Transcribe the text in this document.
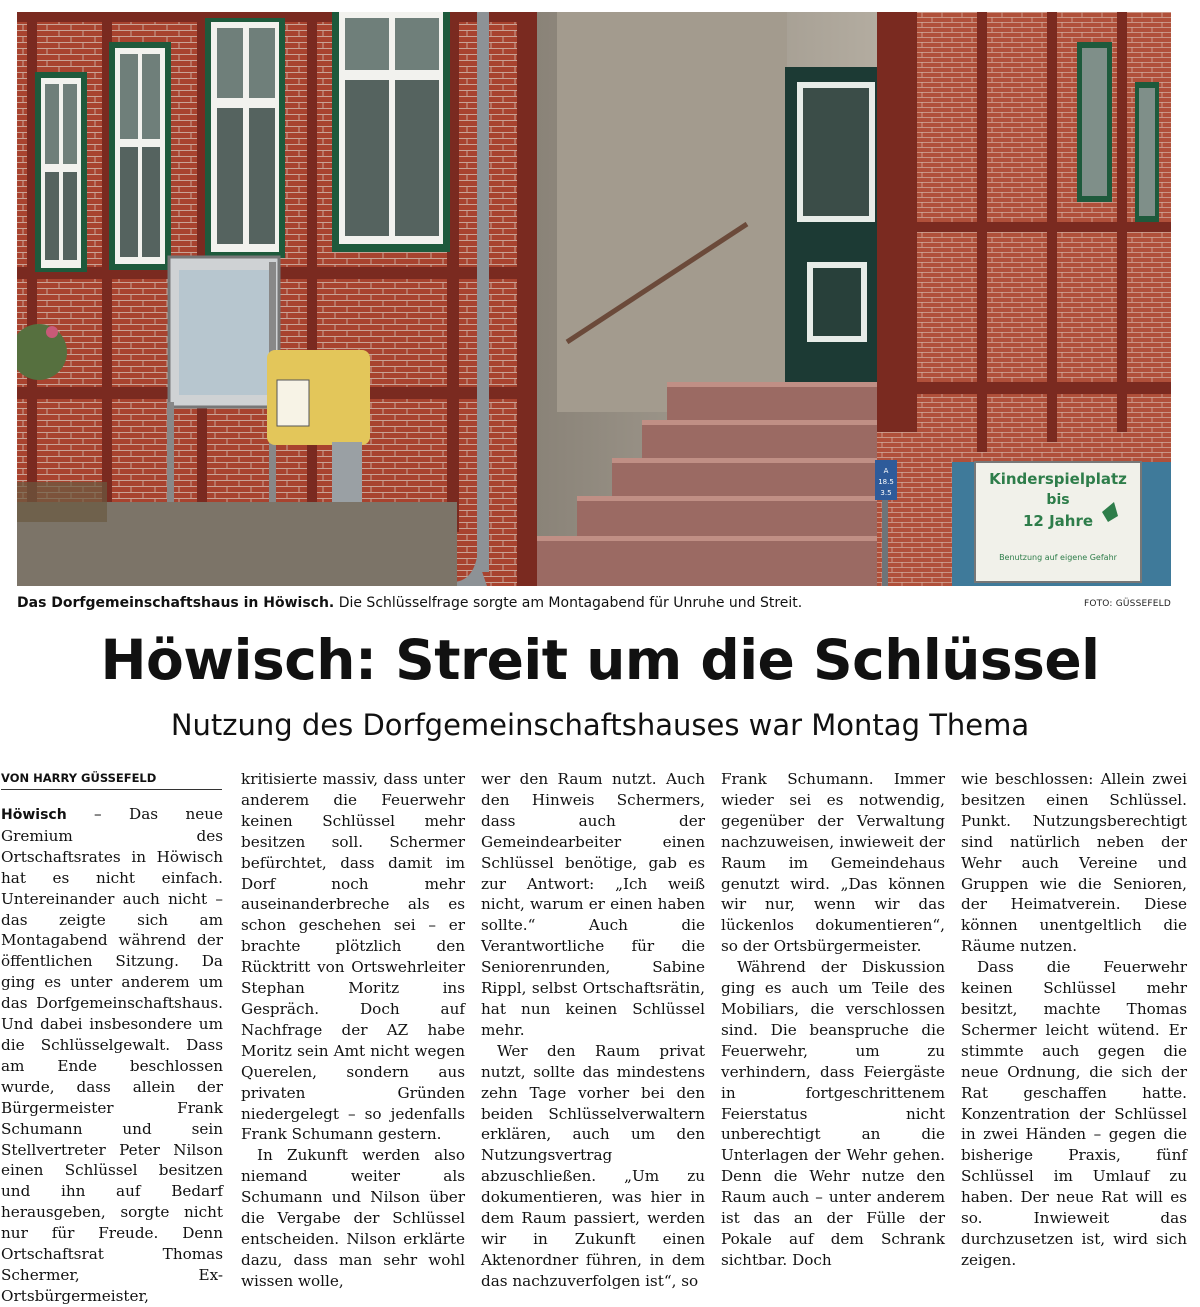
A
18.5
3.5
Kinderspielplatz
bis
12 Jahre
Benutzung auf eigene Gefahr
Das Dorfgemeinschaftshaus in Höwisch. Die Schlüsselfrage sorgte am Montagabend für Unruhe und Streit.	FOTO: GÜSSEFELD
Höwisch: Streit um die Schlüssel
Nutzung des Dorfgemeinschaftshauses war Montag Thema
VON HARRY GÜSSEFELD

Höwisch – Das neue Gremium des Ortschaftsrates in Höwisch hat es nicht einfach. Untereinander auch nicht – das zeigte sich am Montagabend während der öffentlichen Sitzung. Da ging es unter anderem um das Dorfgemeinschaftshaus. Und dabei insbesondere um die Schlüsselgewalt. Dass am Ende beschlossen wurde, dass allein der Bürgermeister Frank Schumann und sein Stellvertreter Peter Nilson einen Schlüssel besitzen und ihn auf Bedarf herausgeben, sorgte nicht nur für Freude. Denn Ortschaftsrat Thomas Schermer, Ex-Ortsbürgermeister,

kritisierte massiv, dass unter anderem die Feuerwehr keinen Schlüssel mehr besitzen soll. Schermer befürchtet, dass damit im Dorf noch mehr auseinanderbreche als es schon geschehen sei – er brachte plötzlich den Rücktritt von Ortswehrleiter Stephan Moritz ins Gespräch. Doch auf Nachfrage der AZ habe Moritz sein Amt nicht wegen Querelen, sondern aus privaten Gründen niedergelegt – so jedenfalls Frank Schumann gestern.

In Zukunft werden also niemand weiter als Schumann und Nilson über die Vergabe der Schlüssel entscheiden. Nilson erklärte dazu, dass man sehr wohl wissen wolle,

wer den Raum nutzt. Auch den Hinweis Schermers, dass auch der Gemeindearbeiter einen Schlüssel benötige, gab es zur Antwort: „Ich weiß nicht, warum er einen haben sollte.“ Auch die Verantwortliche für die Seniorenrunden, Sabine Rippl, selbst Ortschaftsrätin, hat nun keinen Schlüssel mehr.

Wer den Raum privat nutzt, sollte das mindestens zehn Tage vorher bei den beiden Schlüsselverwaltern erklären, auch um den Nutzungsvertrag abzuschließen. „Um zu dokumentieren, was hier in dem Raum passiert, werden wir in Zukunft einen Aktenordner führen, in dem das nachzuverfolgen ist“, so

Frank Schumann. Immer wieder sei es notwendig, gegenüber der Verwaltung nachzuweisen, inwieweit der Raum im Gemeindehaus genutzt wird. „Das können wir nur, wenn wir das lückenlos dokumentieren“, so der Ortsbürgermeister.

Während der Diskussion ging es auch um Teile des Mobiliars, die verschlossen sind. Die beanspruche die Feuerwehr, um zu verhindern, dass Feiergäste in fortgeschrittenem Feierstatus nicht unberechtigt an die Unterlagen der Wehr gehen. Denn die Wehr nutze den Raum auch – unter anderem ist das an der Fülle der Pokale auf dem Schrank sichtbar. Doch

wie beschlossen: Allein zwei besitzen einen Schlüssel. Punkt. Nutzungsberechtigt sind natürlich neben der Wehr auch Vereine und Gruppen wie die Senioren, der Heimatverein. Diese können unentgeltlich die Räume nutzen.

Dass die Feuerwehr keinen Schlüssel mehr besitzt, machte Thomas Schermer leicht wütend. Er stimmte auch gegen die neue Ordnung, die sich der Rat geschaffen hatte. Konzentration der Schlüssel in zwei Händen – gegen die bisherige Praxis, fünf Schlüssel im Umlauf zu haben. Der neue Rat will es so. Inwieweit das durchzusetzen ist, wird sich zeigen.
